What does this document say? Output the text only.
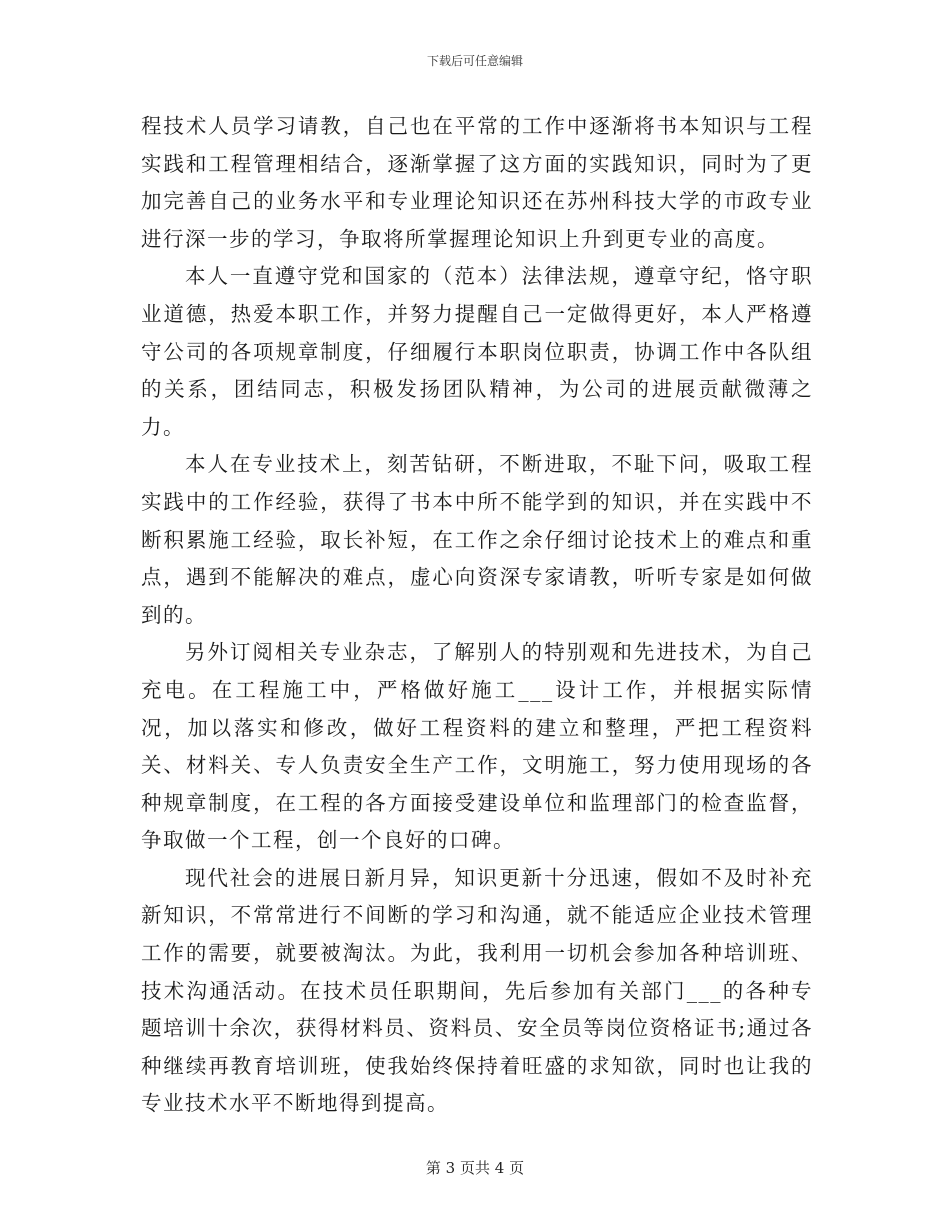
下载后可任意编辑

程技术人员学习请教，自己也在平常的工作中逐渐将书本知识与工程实践和工程管理相结合，逐渐掌握了这方面的实践知识，同时为了更加完善自己的业务水平和专业理论知识还在苏州科技大学的市政专业进行深一步的学习，争取将所掌握理论知识上升到更专业的高度。

本人一直遵守党和国家的（范本）法律法规，遵章守纪，恪守职业道德，热爱本职工作，并努力提醒自己一定做得更好，本人严格遵守公司的各项规章制度，仔细履行本职岗位职责，协调工作中各队组的关系，团结同志，积极发扬团队精神，为公司的进展贡献微薄之力。

本人在专业技术上，刻苦钻研，不断进取，不耻下问，吸取工程实践中的工作经验，获得了书本中所不能学到的知识，并在实践中不断积累施工经验，取长补短，在工作之余仔细讨论技术上的难点和重点，遇到不能解决的难点，虚心向资深专家请教，听听专家是如何做到的。

另外订阅相关专业杂志，了解别人的特别观和先进技术，为自己充电。在工程施工中，严格做好施工___设计工作，并根据实际情况，加以落实和修改，做好工程资料的建立和整理，严把工程资料关、材料关、专人负责安全生产工作，文明施工，努力使用现场的各种规章制度，在工程的各方面接受建设单位和监理部门的检查监督，争取做一个工程，创一个良好的口碑。

现代社会的进展日新月异，知识更新十分迅速，假如不及时补充新知识，不常常进行不间断的学习和沟通，就不能适应企业技术管理工作的需要，就要被淘汰。为此，我利用一切机会参加各种培训班、技术沟通活动。在技术员任职期间，先后参加有关部门___的各种专题培训十余次，获得材料员、资料员、安全员等岗位资格证书;通过各种继续再教育培训班，使我始终保持着旺盛的求知欲，同时也让我的专业技术水平不断地得到提高。

第 3 页共 4 页
